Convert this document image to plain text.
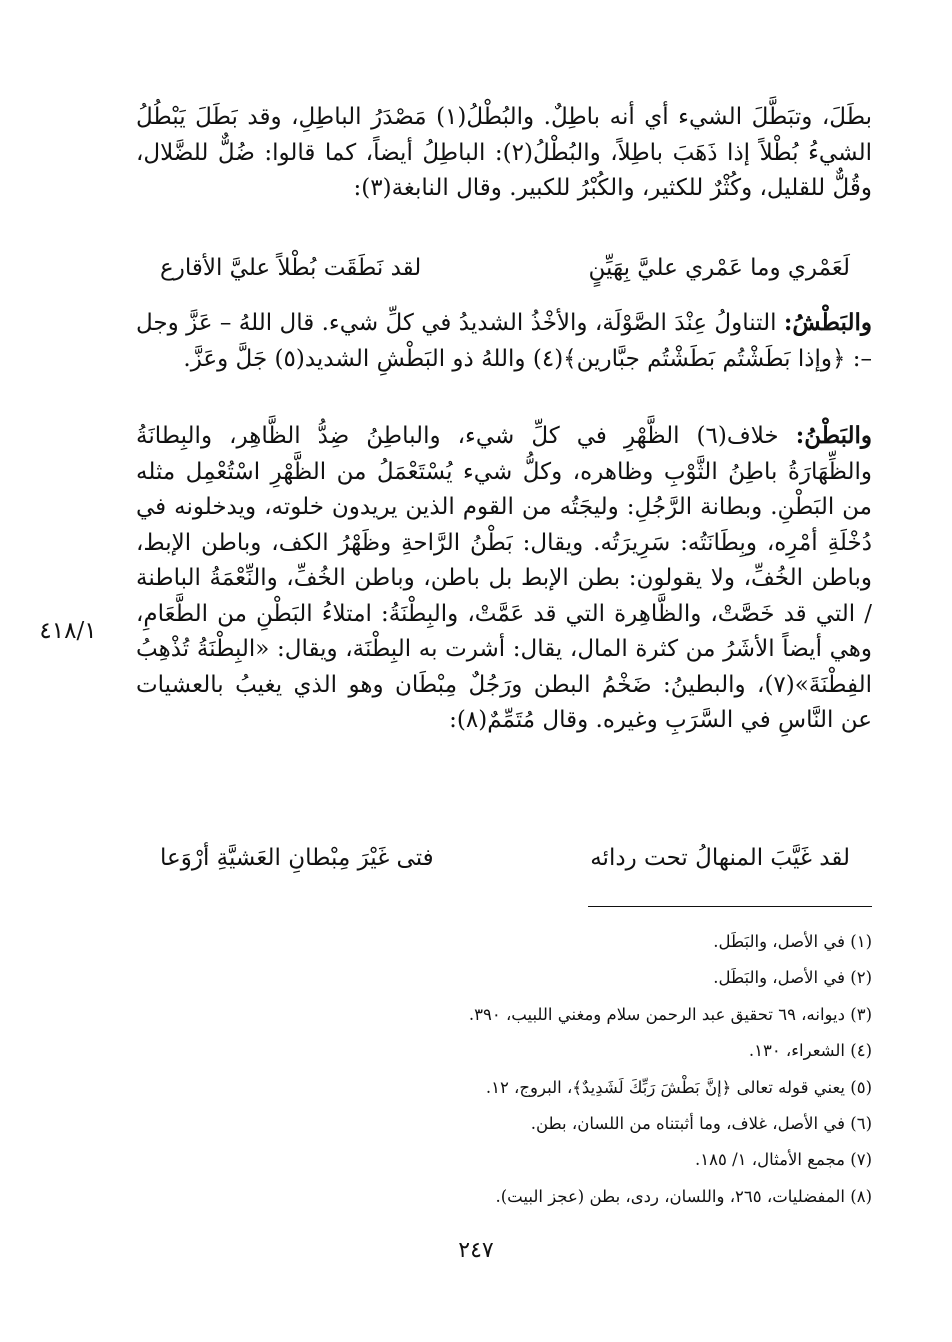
بطَلَ، وتبَطَّلَ الشيء أي أنه باطِلٌ. والبُطْلُ(١) مَصْدَرُ الباطِلِ، وقد بَطَلَ يَبْطُلُ الشيءُ بُطْلاً إذا ذَهَبَ باطِلاً، والبُطْلُ(٢): الباطِلُ أيضاً، كما قالوا: ضُلٌّ للضَّلال، وقُلٌّ للقليل، وكُثْرٌ للكثير، والكُبْرُ للكبير. وقال النابغة(٣):

لَعَمْري وما عَمْري عليَّ بِهَيِّنٍ
لقد نَطَقَت بُطْلاً عليَّ الأقارع

والبَطْشُ: التناولُ عِنْدَ الصَّوْلَة، والأخْذُ الشديدُ في كلِّ شيء. قال اللهُ – عَزَّ وجل –: ﴿وإذا بَطَشْتُم بَطَشْتُم جبَّارين﴾(٤) واللهُ ذو البَطْشِ الشديد(٥) جَلَّ وعَزَّ.

والبَطْنُ: خلاف(٦) الظَّهْرِ في كلِّ شيء، والباطِنُ ضِدُّ الظَّاهِر، والبِطانَةُ والظِّهَارَةُ باطِنُ الثَّوْبِ وظاهره، وكلُّ شيء يُسْتَعْمَلُ من الظَّهْرِ اسْتُعْمِل مثله من البَطْنِ. وبطانة الرَّجُلِ: وليجَتُه من القوم الذين يريدون خلوته، ويدخلونه في دُخْلَةِ أمْرِه، وبِطَانَتُه: سَرِيرَتُه. ويقال: بَطْنُ الرَّاحةِ وظَهْرُ الكف، وباطن الإبط، وباطن الخُفِّ، ولا يقولون: بطن الإبط بل باطن، وباطن الخُفِّ، والنِّعْمَةُ الباطنة / التي قد خَصَّتْ، والظَّاهِرة التي قد عَمَّتْ، والبِطْنَةُ: امتلاءُ البَطْنِ من الطَّعَامِ، وهي أيضاً الأشَرُ من كثرة المال، يقال: أشرت به البِطْنَة، ويقال: «البِطْنَةُ تُذْهِبُ الفِطْنَةَ»(٧)، والبطينُ: ضَخْمُ البطن ورَجُلٌ مِبْطَان وهو الذي يغيبُ بالعشيات عن النَّاسِ في السَّرَبِ وغيره. وقال مُتَمِّمٌ(٨):

لقد غَيَّبَ المنهالُ تحت ردائه
فتى غَيْرَ مِبْطانِ العَشيَّةِ أرْوَعا
٤١٨/١
(١) في الأصل، والبَطَل.
(٢) في الأصل، والبَطَل.
(٣) ديوانه، ٦٩ تحقيق عبد الرحمن سلام ومغني اللبيب، ٣٩٠.
(٤) الشعراء، ١٣٠.
(٥) يعني قوله تعالى ﴿إنَّ بَطْشَ رَبِّكَ لَشَدِيدٌ﴾، البروج، ١٢.
(٦) في الأصل، غلاف، وما أثبتناه من اللسان، بطن.
(٧) مجمع الأمثال، ١/ ١٨٥.
(٨) المفضليات، ٢٦٥، واللسان، ردى، بطن (عجز البيت).
٢٤٧
